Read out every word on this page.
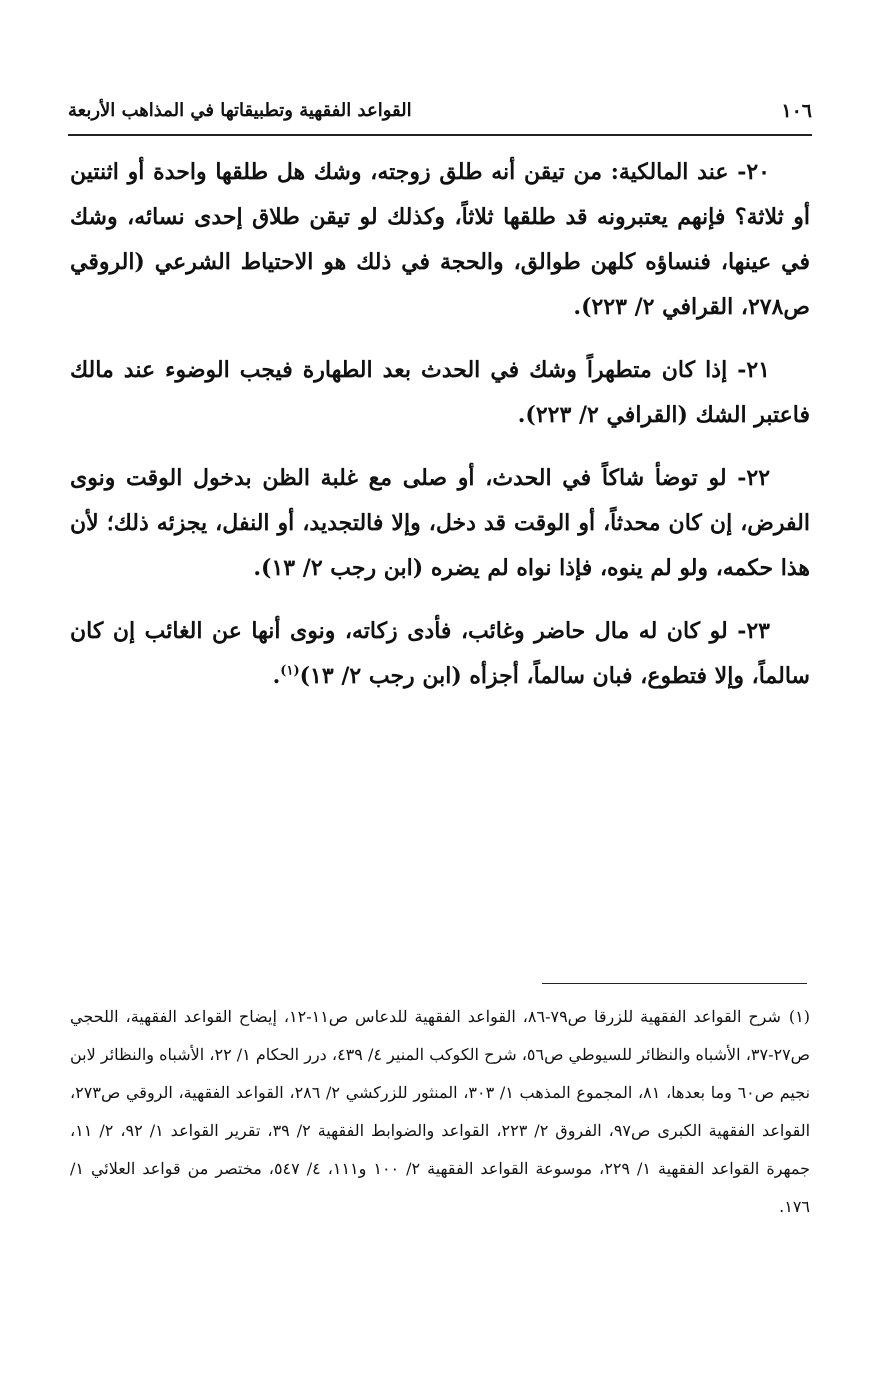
١٠٦
القواعد الفقهية وتطبيقاتها في المذاهب الأربعة

٢٠- عند المالكية: من تيقن أنه طلق زوجته، وشك هل طلقها واحدة أو اثنتين أو ثلاثة؟ فإنهم يعتبرونه قد طلقها ثلاثاً، وكذلك لو تيقن طلاق إحدى نسائه، وشك في عينها، فنساؤه كلهن طوالق، والحجة في ذلك هو الاحتياط الشرعي (الروقي ص٢٧٨، القرافي ٢/ ٢٢٣).

٢١- إذا كان متطهراً وشك في الحدث بعد الطهارة فيجب الوضوء عند مالك فاعتبر الشك (القرافي ٢/ ٢٢٣).

٢٢- لو توضأ شاكاً في الحدث، أو صلى مع غلبة الظن بدخول الوقت ونوى الفرض، إن كان محدثاً، أو الوقت قد دخل، وإلا فالتجديد، أو النفل، يجزئه ذلك؛ لأن هذا حكمه، ولو لم ينوه، فإذا نواه لم يضره (ابن رجب ٢/ ١٣).

٢٣- لو كان له مال حاضر وغائب، فأدى زكاته، ونوى أنها عن الغائب إن كان سالماً، وإلا فتطوع، فبان سالماً، أجزأه (ابن رجب ٢/ ١٣)$^{(١)}$.

(١)شرح القواعد الفقهية للزرقا ص٧٩-٨٦، القواعد الفقهية للدعاس ص١١-١٢، إيضاح القواعد الفقهية، اللحجي ص٢٧-٣٧، الأشباه والنظائر للسيوطي ص٥٦، شرح الكوكب المنير ٤/ ٤٣٩، درر الحكام ١/ ٢٢، الأشباه والنظائر لابن نجيم ص٦٠ وما بعدها، ٨١، المجموع المذهب ١/ ٣٠٣، المنثور للزركشي ٢/ ٢٨٦، القواعد الفقهية، الروقي ص٢٧٣، القواعد الفقهية الكبرى ص٩٧، الفروق ٢/ ٢٢٣، القواعد والضوابط الفقهية ٢/ ٣٩، تقرير القواعد ١/ ٩٢، ٢/ ١١، جمهرة القواعد الفقهية ١/ ٢٢٩، موسوعة القواعد الفقهية ٢/ ١٠٠ و١١١، ٤/ ٥٤٧، مختصر من قواعد العلائي ١/ ١٧٦.
